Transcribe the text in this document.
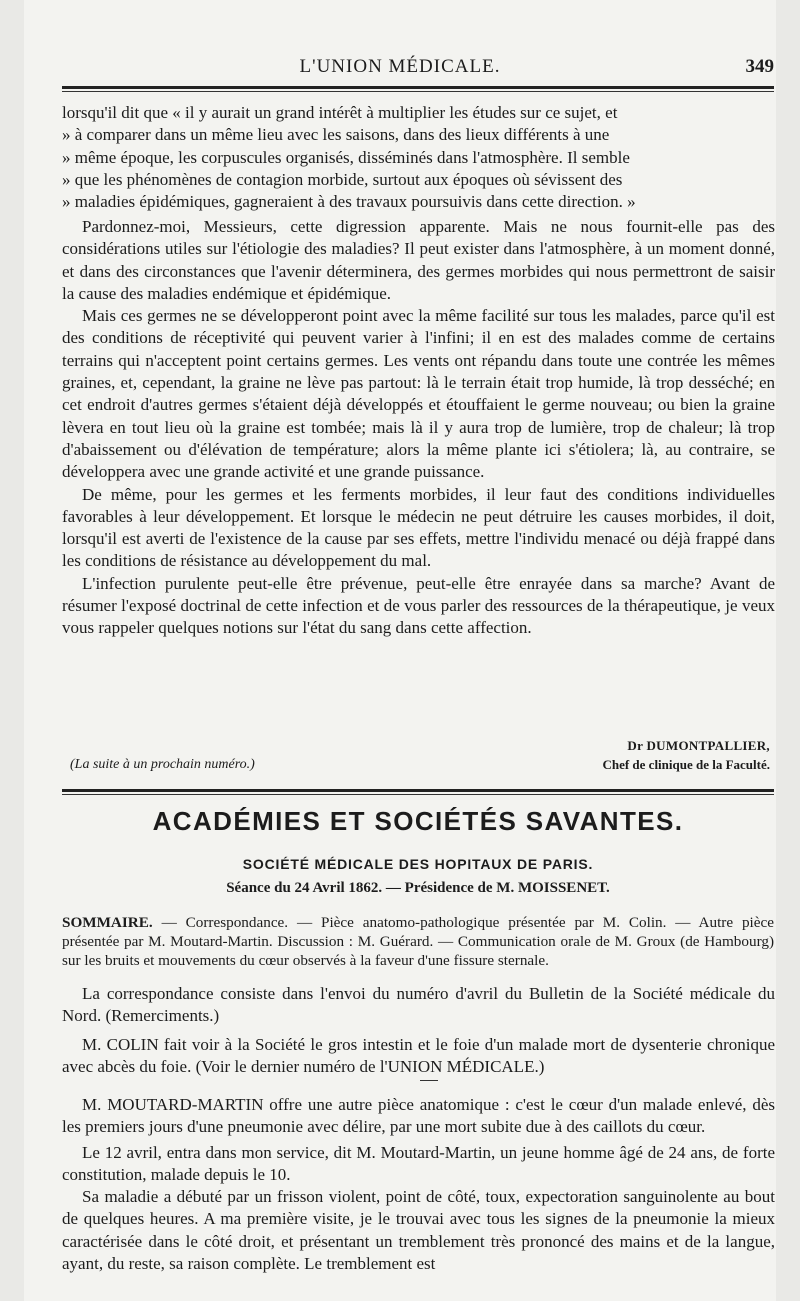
L'UNION MÉDICALE.	349

lorsqu'il dit que « il y aurait un grand intérêt à multiplier les études sur ce sujet, et

» à comparer dans un même lieu avec les saisons, dans des lieux différents à une

» même époque, les corpuscules organisés, disséminés dans l'atmosphère. Il semble

» que les phénomènes de contagion morbide, surtout aux époques où sévissent des

» maladies épidémiques, gagneraient à des travaux poursuivis dans cette direction. »

Pardonnez-moi, Messieurs, cette digression apparente. Mais ne nous fournit-elle pas des considérations utiles sur l'étiologie des maladies? Il peut exister dans l'atmosphère, à un moment donné, et dans des circonstances que l'avenir déterminera, des germes morbides qui nous permettront de saisir la cause des maladies endémique et épidémique.

Mais ces germes ne se développeront point avec la même facilité sur tous les malades, parce qu'il est des conditions de réceptivité qui peuvent varier à l'infini; il en est des malades comme de certains terrains qui n'acceptent point certains germes. Les vents ont répandu dans toute une contrée les mêmes graines, et, cependant, la graine ne lève pas partout: là le terrain était trop humide, là trop desséché; en cet endroit d'autres germes s'étaient déjà développés et étouffaient le germe nouveau; ou bien la graine lèvera en tout lieu où la graine est tombée; mais là il y aura trop de lumière, trop de chaleur; là trop d'abaissement ou d'élévation de température; alors la même plante ici s'étiolera; là, au contraire, se développera avec une grande activité et une grande puissance.

De même, pour les germes et les ferments morbides, il leur faut des conditions individuelles favorables à leur développement. Et lorsque le médecin ne peut détruire les causes morbides, il doit, lorsqu'il est averti de l'existence de la cause par ses effets, mettre l'individu menacé ou déjà frappé dans les conditions de résistance au développement du mal.

L'infection purulente peut-elle être prévenue, peut-elle être enrayée dans sa marche? Avant de résumer l'exposé doctrinal de cette infection et de vous parler des ressources de la thérapeutique, je veux vous rappeler quelques notions sur l'état du sang dans cette affection.

Dr DUMONTPALLIER,
Chef de clinique de la Faculté.
(La suite à un prochain numéro.)
ACADÉMIES ET SOCIÉTÉS SAVANTES.
SOCIÉTÉ MÉDICALE DES HOPITAUX DE PARIS.
Séance du 24 Avril 1862. — Présidence de M. MOISSENET.
SOMMAIRE. — Correspondance. — Pièce anatomo-pathologique présentée par M. Colin. — Autre pièce présentée par M. Moutard-Martin. Discussion : M. Guérard. — Communication orale de M. Groux (de Hambourg) sur les bruits et mouvements du cœur observés à la faveur d'une fissure sternale.

La correspondance consiste dans l'envoi du numéro d'avril du Bulletin de la Société médicale du Nord. (Remerciments.)

M. COLIN fait voir à la Société le gros intestin et le foie d'un malade mort de dysenterie chronique avec abcès du foie. (Voir le dernier numéro de l'UNION MÉDICALE.)

M. MOUTARD-MARTIN offre une autre pièce anatomique : c'est le cœur d'un malade enlevé, dès les premiers jours d'une pneumonie avec délire, par une mort subite due à des caillots du cœur.

Le 12 avril, entra dans mon service, dit M. Moutard-Martin, un jeune homme âgé de 24 ans, de forte constitution, malade depuis le 10.

Sa maladie a débuté par un frisson violent, point de côté, toux, expectoration sanguinolente au bout de quelques heures. A ma première visite, je le trouvai avec tous les signes de la pneumonie la mieux caractérisée dans le côté droit, et présentant un tremblement très prononcé des mains et de la langue, ayant, du reste, sa raison complète. Le tremblement est
